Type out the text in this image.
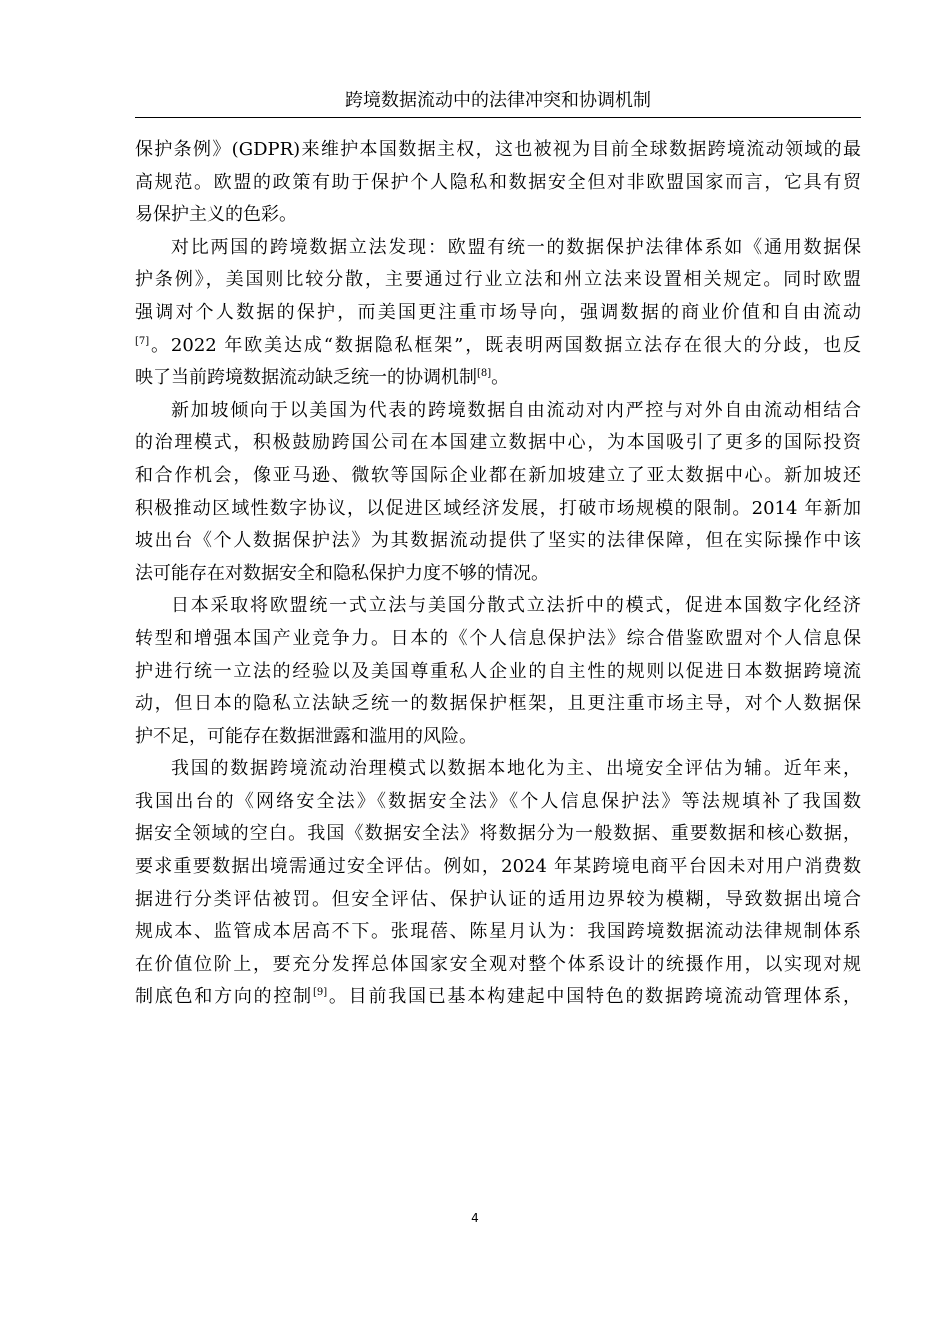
跨境数据流动中的法律冲突和协调机制
保护条例》(GDPR)来维护本国数据主权，这也被视为目前全球数据跨境流动领域的最
高规范。欧盟的政策有助于保护个人隐私和数据安全但对非欧盟国家而言，它具有贸
易保护主义的色彩。
对比两国的跨境数据立法发现：欧盟有统一的数据保护法律体系如《通用数据保
护条例》，美国则比较分散，主要通过行业立法和州立法来设置相关规定。同时欧盟
强调对个人数据的保护，而美国更注重市场导向，强调数据的商业价值和自由流动
[7]。2022 年欧美达成“数据隐私框架”，既表明两国数据立法存在很大的分歧，也反
映了当前跨境数据流动缺乏统一的协调机制[8]。
新加坡倾向于以美国为代表的跨境数据自由流动对内严控与对外自由流动相结合
的治理模式，积极鼓励跨国公司在本国建立数据中心，为本国吸引了更多的国际投资
和合作机会，像亚马逊、微软等国际企业都在新加坡建立了亚太数据中心。新加坡还
积极推动区域性数字协议，以促进区域经济发展，打破市场规模的限制。2014 年新加
坡出台《个人数据保护法》为其数据流动提供了坚实的法律保障，但在实际操作中该
法可能存在对数据安全和隐私保护力度不够的情况。
日本采取将欧盟统一式立法与美国分散式立法折中的模式，促进本国数字化经济
转型和增强本国产业竞争力。日本的《个人信息保护法》综合借鉴欧盟对个人信息保
护进行统一立法的经验以及美国尊重私人企业的自主性的规则以促进日本数据跨境流
动，但日本的隐私立法缺乏统一的数据保护框架，且更注重市场主导，对个人数据保
护不足，可能存在数据泄露和滥用的风险。
我国的数据跨境流动治理模式以数据本地化为主、出境安全评估为辅。近年来，
我国出台的《网络安全法》《数据安全法》《个人信息保护法》等法规填补了我国数
据安全领域的空白。我国《数据安全法》将数据分为一般数据、重要数据和核心数据，
要求重要数据出境需通过安全评估。例如，2024 年某跨境电商平台因未对用户消费数
据进行分类评估被罚。但安全评估、保护认证的适用边界较为模糊，导致数据出境合
规成本、监管成本居高不下。张琨蓓、陈星月认为：我国跨境数据流动法律规制体系
在价值位阶上，要充分发挥总体国家安全观对整个体系设计的统摄作用，以实现对规
制底色和方向的控制[9]。目前我国已基本构建起中国特色的数据跨境流动管理体系，
4
